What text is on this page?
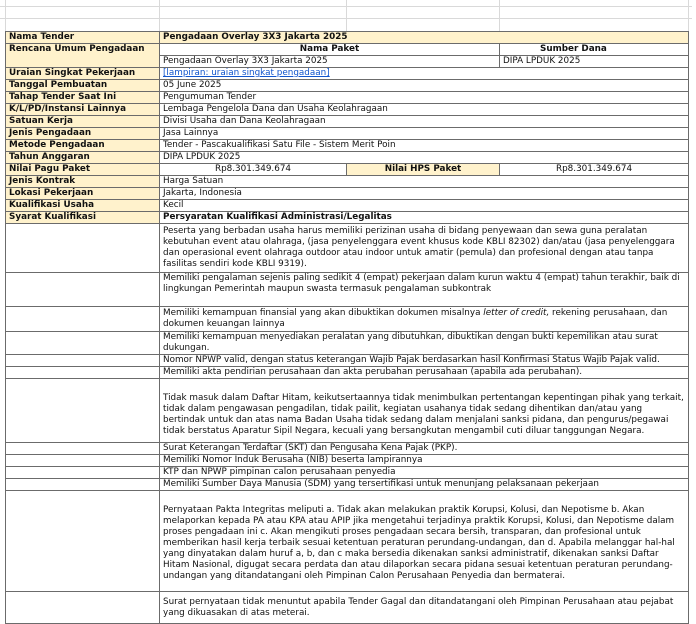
Nama Tender	Pengadaan Overlay 3X3 Jakarta 2025		
Rencana Umum Pengadaan	Nama Paket		Sumber Dana
	Pengadaan Overlay 3X3 Jakarta 2025		DIPA LPDUK 2025
Uraian Singkat Pekerjaan	[lampiran: uraian singkat pengadaan]		
Tanggal Pembuatan	05 June 2025		
Tahap Tender Saat Ini	Pengumuman Tender		
K/L/PD/Instansi Lainnya	Lembaga Pengelola Dana dan Usaha Keolahragaan		
Satuan Kerja	Divisi Usaha dan Dana Keolahragaan		
Jenis Pengadaan	Jasa Lainnya		
Metode Pengadaan	Tender - Pascakualifikasi Satu File - Sistem Merit Poin		
Tahun Anggaran	DIPA LPDUK 2025		
Nilai Pagu Paket	Rp8.301.349.674	Nilai HPS Paket	Rp8.301.349.674
Jenis Kontrak	Harga Satuan		
Lokasi Pekerjaan	Jakarta, Indonesia		
Kualifikasi Usaha	Kecil		
Syarat Kualifikasi	Persyaratan Kualifikasi Administrasi/Legalitas		
	Peserta yang berbadan usaha harus memiliki perizinan usaha di bidang penyewaan dan sewa guna peralatan kebutuhan event atau olahraga, (jasa penyelenggara event khusus kode KBLI 82302) dan/atau (jasa penyelenggara dan operasional event olahraga outdoor atau indoor untuk amatir (pemula) dan profesional dengan atau tanpa fasilitas sendiri kode KBLI 9319).		
	Memiliki pengalaman sejenis paling sedikit 4 (empat) pekerjaan dalam kurun waktu 4 (empat) tahun terakhir, baik di lingkungan Pemerintah maupun swasta termasuk pengalaman subkontrak		
	Memiliki kemampuan finansial yang akan dibuktikan dokumen misalnya letter of credit, rekening perusahaan, dan dokumen keuangan lainnya		
	Memiliki kemampuan menyediakan peralatan yang dibutuhkan, dibuktikan dengan bukti kepemilikan atau surat dukungan.		
	Nomor NPWP valid, dengan status keterangan Wajib Pajak berdasarkan hasil Konfirmasi Status Wajib Pajak valid.		
	Memiliki akta pendirian perusahaan dan akta perubahan perusahaan (apabila ada perubahan).		
	Tidak masuk dalam Daftar Hitam, keikutsertaannya tidak menimbulkan pertentangan kepentingan pihak yang terkait, tidak dalam pengawasan pengadilan, tidak pailit, kegiatan usahanya tidak sedang dihentikan dan/atau yang bertindak untuk dan atas nama Badan Usaha tidak sedang dalam menjalani sanksi pidana, dan pengurus/pegawai tidak berstatus Aparatur Sipil Negara, kecuali yang bersangkutan mengambil cuti diluar tanggungan Negara.		
	Surat Keterangan Terdaftar (SKT) dan Pengusaha Kena Pajak (PKP).		
	Memiliki Nomor Induk Berusaha (NIB) beserta lampirannya		
	KTP dan NPWP pimpinan calon perusahaan penyedia		
	Memiliki Sumber Daya Manusia (SDM) yang tersertifikasi untuk menunjang pelaksanaan pekerjaan		
	Pernyataan Pakta Integritas meliputi a. Tidak akan melakukan praktik Korupsi, Kolusi, dan Nepotisme b. Akan melaporkan kepada PA atau KPA atau APIP jika mengetahui terjadinya praktik Korupsi, Kolusi, dan Nepotisme dalam proses pengadaan ini c. Akan mengikuti proses pengadaan secara bersih, transparan, dan profesional untuk memberikan hasil kerja terbaik sesuai ketentuan peraturan perundang-undangan, dan d. Apabila melanggar hal-hal yang dinyatakan dalam huruf a, b, dan c maka bersedia dikenakan sanksi administratif, dikenakan sanksi Daftar Hitam Nasional, digugat secara perdata dan atau dilaporkan secara pidana sesuai ketentuan peraturan perundang-undangan yang ditandatangani oleh Pimpinan Calon Perusahaan Penyedia dan bermaterai.		
	Surat pernyataan tidak menuntut apabila Tender Gagal dan ditandatangani oleh Pimpinan Perusahaan atau pejabat yang dikuasakan di atas meterai.		
